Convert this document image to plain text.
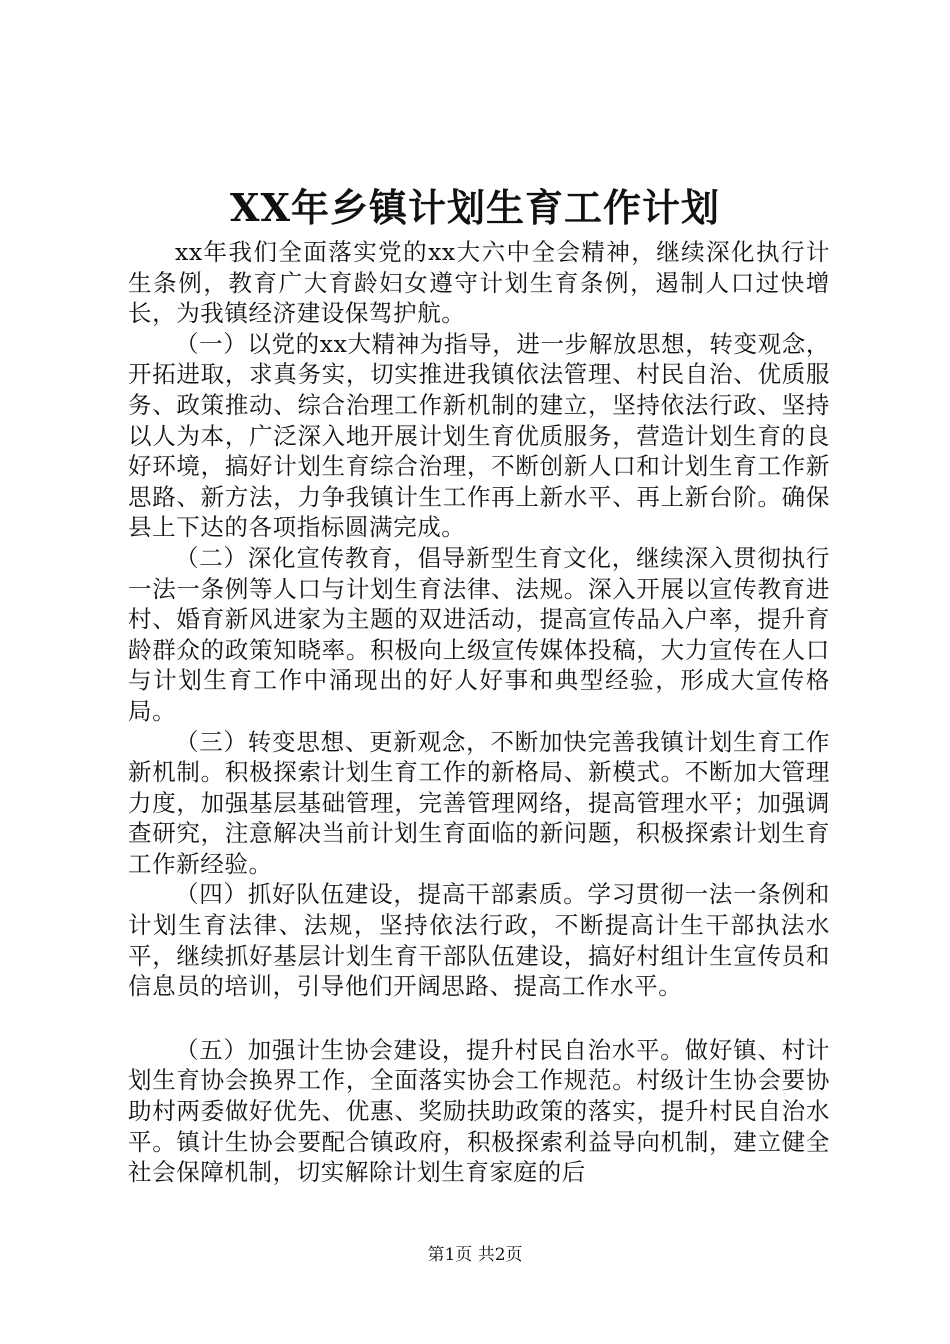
XX年乡镇计划生育工作计划

xx年我们全面落实党的xx大六中全会精神，继续深化执行计生条例，教育广大育龄妇女遵守计划生育条例，遏制人口过快增长，为我镇经济建设保驾护航。

（一）以党的xx大精神为指导，进一步解放思想，转变观念，开拓进取，求真务实，切实推进我镇依法管理、村民自治、优质服务、政策推动、综合治理工作新机制的建立，坚持依法行政、坚持以人为本，广泛深入地开展计划生育优质服务，营造计划生育的良好环境，搞好计划生育综合治理，不断创新人口和计划生育工作新思路、新方法，力争我镇计生工作再上新水平、再上新台阶。确保县上下达的各项指标圆满完成。

（二）深化宣传教育，倡导新型生育文化，继续深入贯彻执行一法一条例等人口与计划生育法律、法规。深入开展以宣传教育进村、婚育新风进家为主题的双进活动，提高宣传品入户率，提升育龄群众的政策知晓率。积极向上级宣传媒体投稿，大力宣传在人口与计划生育工作中涌现出的好人好事和典型经验，形成大宣传格局。

（三）转变思想、更新观念，不断加快完善我镇计划生育工作新机制。积极探索计划生育工作的新格局、新模式。不断加大管理力度，加强基层基础管理，完善管理网络，提高管理水平；加强调查研究，注意解决当前计划生育面临的新问题，积极探索计划生育工作新经验。

（四）抓好队伍建设，提高干部素质。学习贯彻一法一条例和计划生育法律、法规，坚持依法行政，不断提高计生干部执法水平，继续抓好基层计划生育干部队伍建设，搞好村组计生宣传员和信息员的培训，引导他们开阔思路、提高工作水平。

（五）加强计生协会建设，提升村民自治水平。做好镇、村计划生育协会换界工作，全面落实协会工作规范。村级计生协会要协助村两委做好优先、优惠、奖励扶助政策的落实，提升村民自治水平。镇计生协会要配合镇政府，积极探索利益导向机制，建立健全社会保障机制，切实解除计划生育家庭的后

第1页 共2页
